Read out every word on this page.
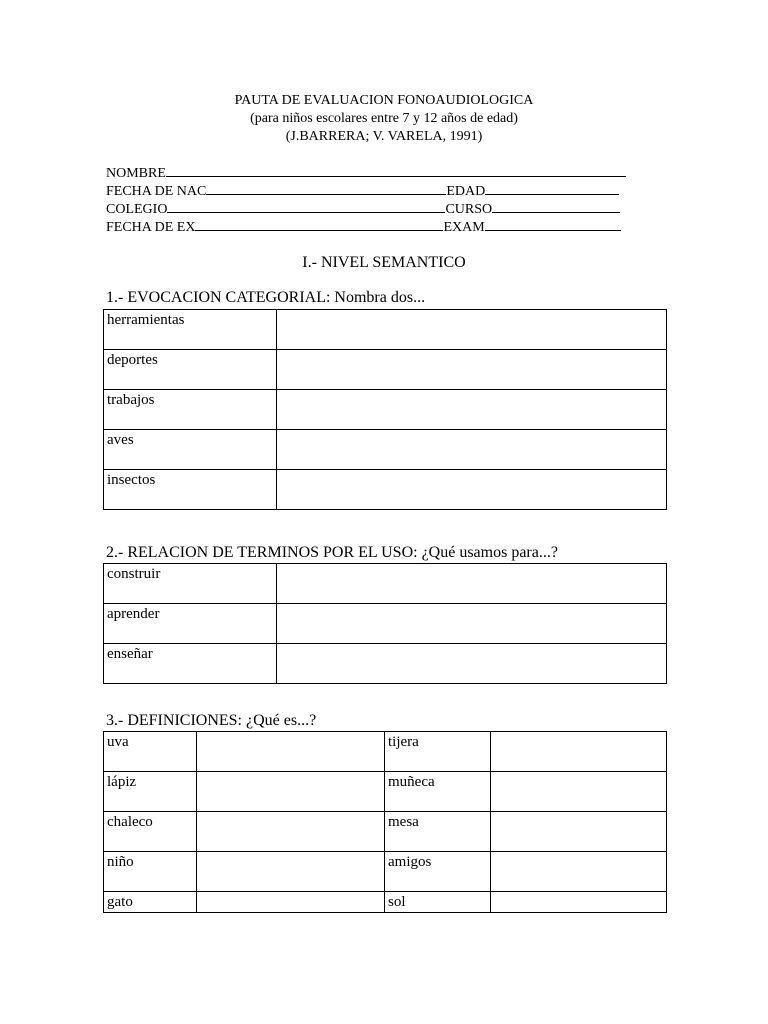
PAUTA DE EVALUACION FONOAUDIOLOGICA
(para niños escolares entre 7 y 12 años de edad)
(J.BARRERA; V. VARELA, 1991)
NOMBRE
FECHA DE NAC	EDAD
COLEGIO	CURSO
FECHA DE EX	EXAM
I.- NIVEL SEMANTICO
1.- EVOCACION CATEGORIAL: Nombra dos...
herramientas	
deportes	
trabajos	
aves	
insectos	
2.- RELACION DE TERMINOS POR EL USO: ¿Qué usamos para...?
construir	
aprender	
enseñar	
3.- DEFINICIONES: ¿Qué es...?
uva		tijera	
lápiz		muñeca	
chaleco		mesa	
niño		amigos	
gato		sol	
